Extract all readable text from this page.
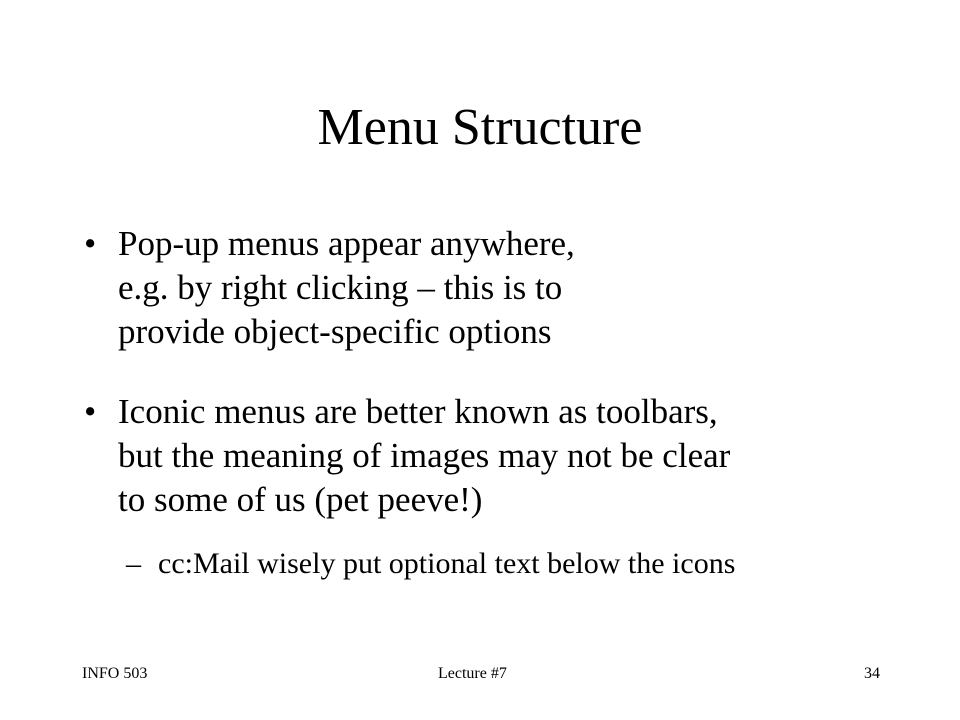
Menu Structure
• Pop-up menus appear anywhere,
e.g. by right clicking – this is to
provide object-specific options
• Iconic menus are better known as toolbars,
but the meaning of images may not be clear
to some of us (pet peeve!)
– cc:Mail wisely put optional text below the icons
INFO 503	Lecture #7	34
